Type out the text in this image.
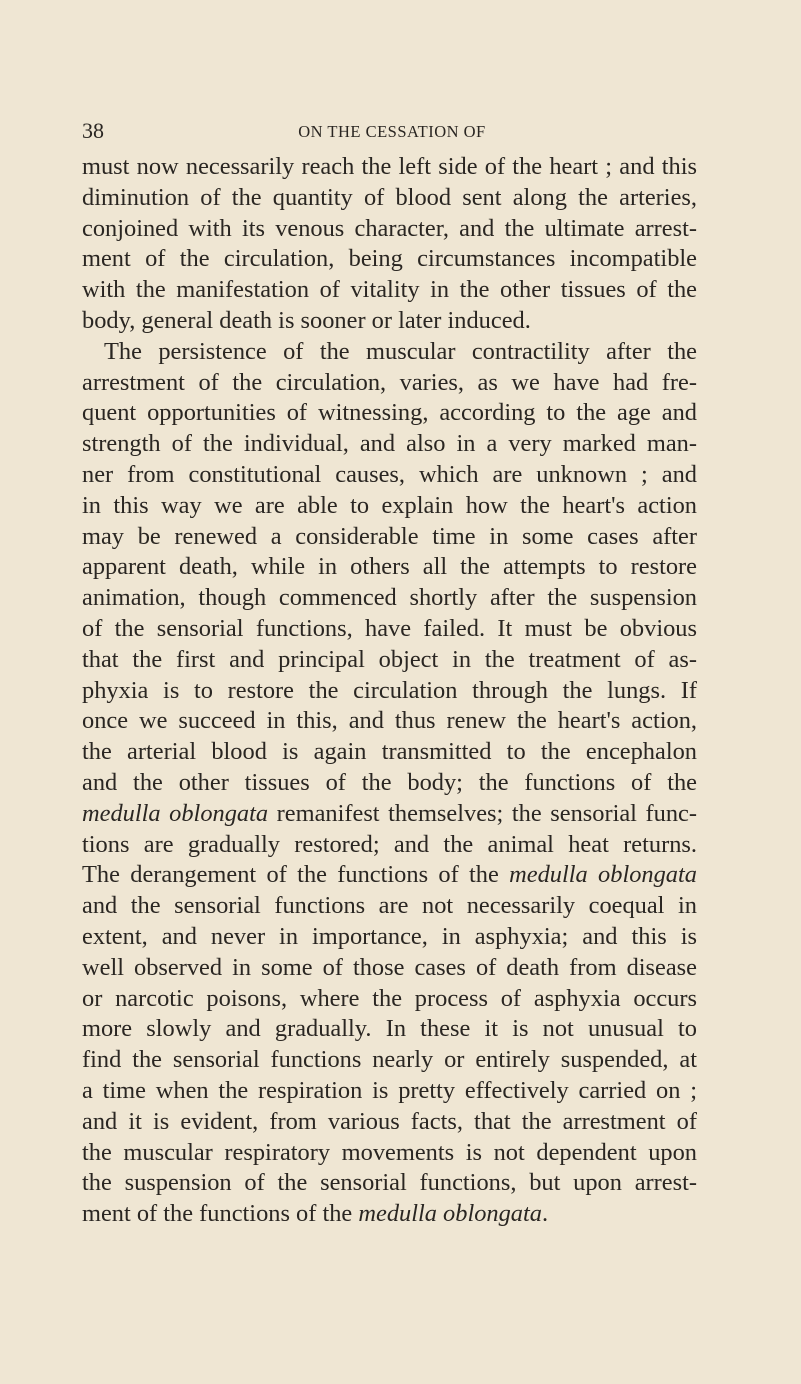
38	ON THE CESSATION OF
must now necessarily reach the left side of the heart ; and this
diminution of the quantity of blood sent along the arteries,
conjoined with its venous character, and the ultimate arrest-
ment of the circulation, being circumstances incompatible
with the manifestation of vitality in the other tissues of the
body, general death is sooner or later induced.
The persistence of the muscular contractility after the
arrestment of the circulation, varies, as we have had fre-
quent opportunities of witnessing, according to the age and
strength of the individual, and also in a very marked man-
ner from constitutional causes, which are unknown ; and
in this way we are able to explain how the heart's action
may be renewed a considerable time in some cases after
apparent death, while in others all the attempts to restore
animation, though commenced shortly after the suspension
of the sensorial functions, have failed. It must be obvious
that the first and principal object in the treatment of as-
phyxia is to restore the circulation through the lungs. If
once we succeed in this, and thus renew the heart's action,
the arterial blood is again transmitted to the encephalon
and the other tissues of the body; the functions of the
medulla oblongata remanifest themselves; the sensorial func-
tions are gradually restored; and the animal heat returns.
The derangement of the functions of the medulla oblongata
and the sensorial functions are not necessarily coequal in
extent, and never in importance, in asphyxia; and this is
well observed in some of those cases of death from disease
or narcotic poisons, where the process of asphyxia occurs
more slowly and gradually. In these it is not unusual to
find the sensorial functions nearly or entirely suspended, at
a time when the respiration is pretty effectively carried on ;
and it is evident, from various facts, that the arrestment of
the muscular respiratory movements is not dependent upon
the suspension of the sensorial functions, but upon arrest-
ment of the functions of the medulla oblongata.
